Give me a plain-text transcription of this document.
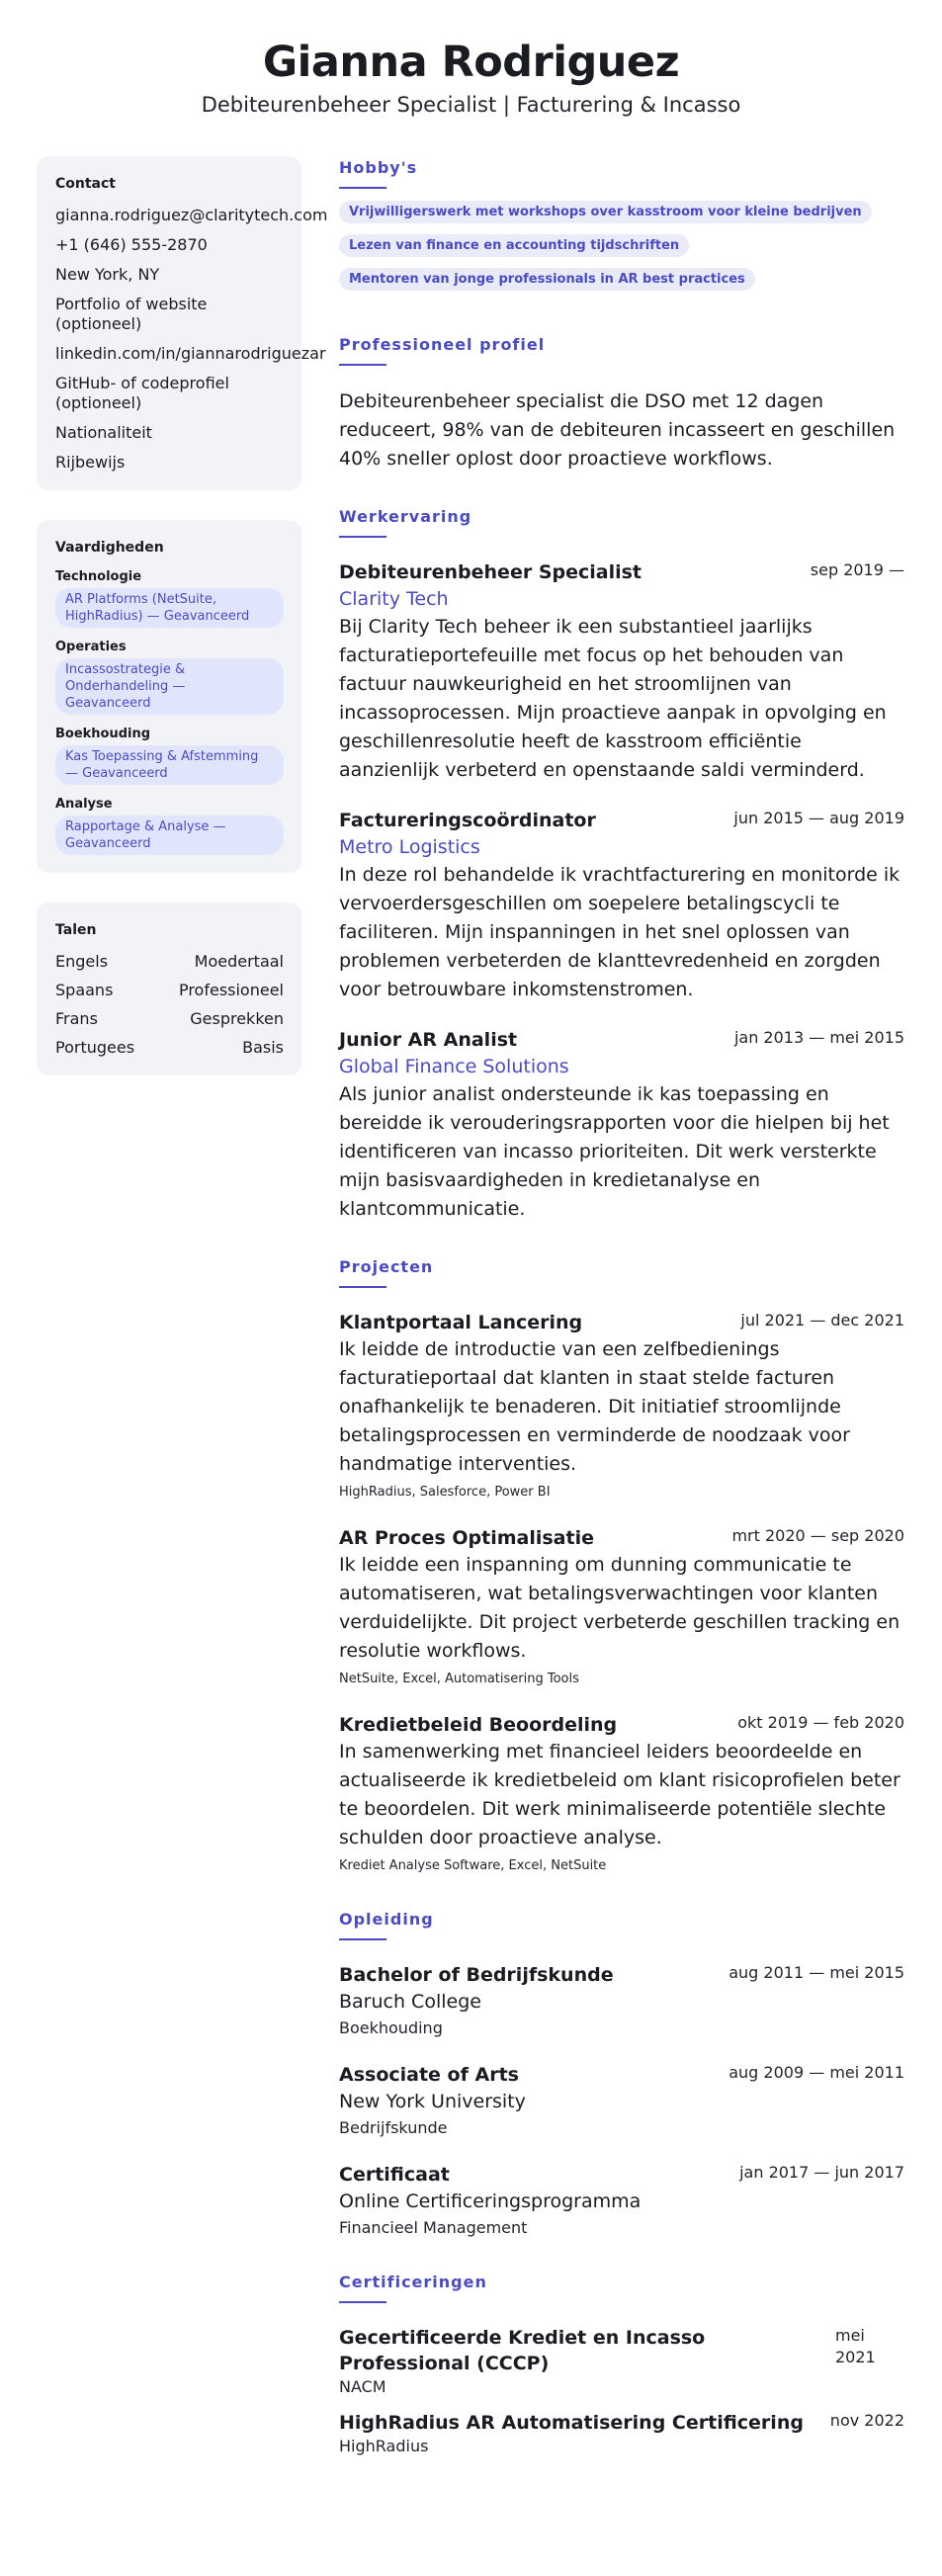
Gianna Rodriguez
Debiteurenbeheer Specialist | Facturering & Incasso
Contact
gianna.rodriguez@claritytech.com
+1 (646) 555-2870
New York, NY
Portfolio of website (optioneel)
linkedin.com/in/giannarodriguezar
GitHub- of codeprofiel (optioneel)
Nationaliteit
Rijbewijs
Vaardigheden
Technologie
AR Platforms (NetSuite, HighRadius) — Geavanceerd
Operaties
Incassostrategie & Onderhandeling — Geavanceerd
Boekhouding
Kas Toepassing & Afstemming — Geavanceerd
Analyse
Rapportage & Analyse — Geavanceerd
Talen
Engels	Moedertaal
Spaans	Professioneel
Frans	Gesprekken
Portugees	Basis
Hobby's
Vrijwilligerswerk met workshops over kasstroom voor kleine bedrijven
Lezen van finance en accounting tijdschriften
Mentoren van jonge professionals in AR best practices
Professioneel profiel
Debiteurenbeheer specialist die DSO met 12 dagen reduceert, 98% van de debiteuren incasseert en geschillen 40% sneller oplost door proactieve workflows.
Werkervaring
Debiteurenbeheer Specialist	sep 2019 —
Clarity Tech
Bij Clarity Tech beheer ik een substantieel jaarlijks facturatieportefeuille met focus op het behouden van factuur nauwkeurigheid en het stroomlijnen van incassoprocessen. Mijn proactieve aanpak in opvolging en geschillenresolutie heeft de kasstroom efficiëntie aanzienlijk verbeterd en openstaande saldi verminderd.
Factureringscoördinator	jun 2015 — aug 2019
Metro Logistics
In deze rol behandelde ik vrachtfacturering en monitorde ik vervoerdersgeschillen om soepelere betalingscycli te faciliteren. Mijn inspanningen in het snel oplossen van problemen verbeterden de klanttevredenheid en zorgden voor betrouwbare inkomstenstromen.
Junior AR Analist	jan 2013 — mei 2015
Global Finance Solutions
Als junior analist ondersteunde ik kas toepassing en bereidde ik verouderingsrapporten voor die hielpen bij het identificeren van incasso prioriteiten. Dit werk versterkte mijn basisvaardigheden in kredietanalyse en klantcommunicatie.
Projecten
Klantportaal Lancering	jul 2021 — dec 2021
Ik leidde de introductie van een zelfbedienings facturatieportaal dat klanten in staat stelde facturen onafhankelijk te benaderen. Dit initiatief stroomlijnde betalingsprocessen en verminderde de noodzaak voor handmatige interventies.
HighRadius, Salesforce, Power BI
AR Proces Optimalisatie	mrt 2020 — sep 2020
Ik leidde een inspanning om dunning communicatie te automatiseren, wat betalingsverwachtingen voor klanten verduidelijkte. Dit project verbeterde geschillen tracking en resolutie workflows.
NetSuite, Excel, Automatisering Tools
Kredietbeleid Beoordeling	okt 2019 — feb 2020
In samenwerking met financieel leiders beoordeelde en actualiseerde ik kredietbeleid om klant risicoprofielen beter te beoordelen. Dit werk minimaliseerde potentiële slechte schulden door proactieve analyse.
Krediet Analyse Software, Excel, NetSuite
Opleiding
Bachelor of Bedrijfskunde	aug 2011 — mei 2015
Baruch College
Boekhouding
Associate of Arts	aug 2009 — mei 2011
New York University
Bedrijfskunde
Certificaat	jan 2017 — jun 2017
Online Certificeringsprogramma
Financieel Management
Certificeringen
Gecertificeerde Krediet en Incasso Professional (CCCP)
mei 2021
NACM
HighRadius AR Automatisering Certificering nov 2022
HighRadius
